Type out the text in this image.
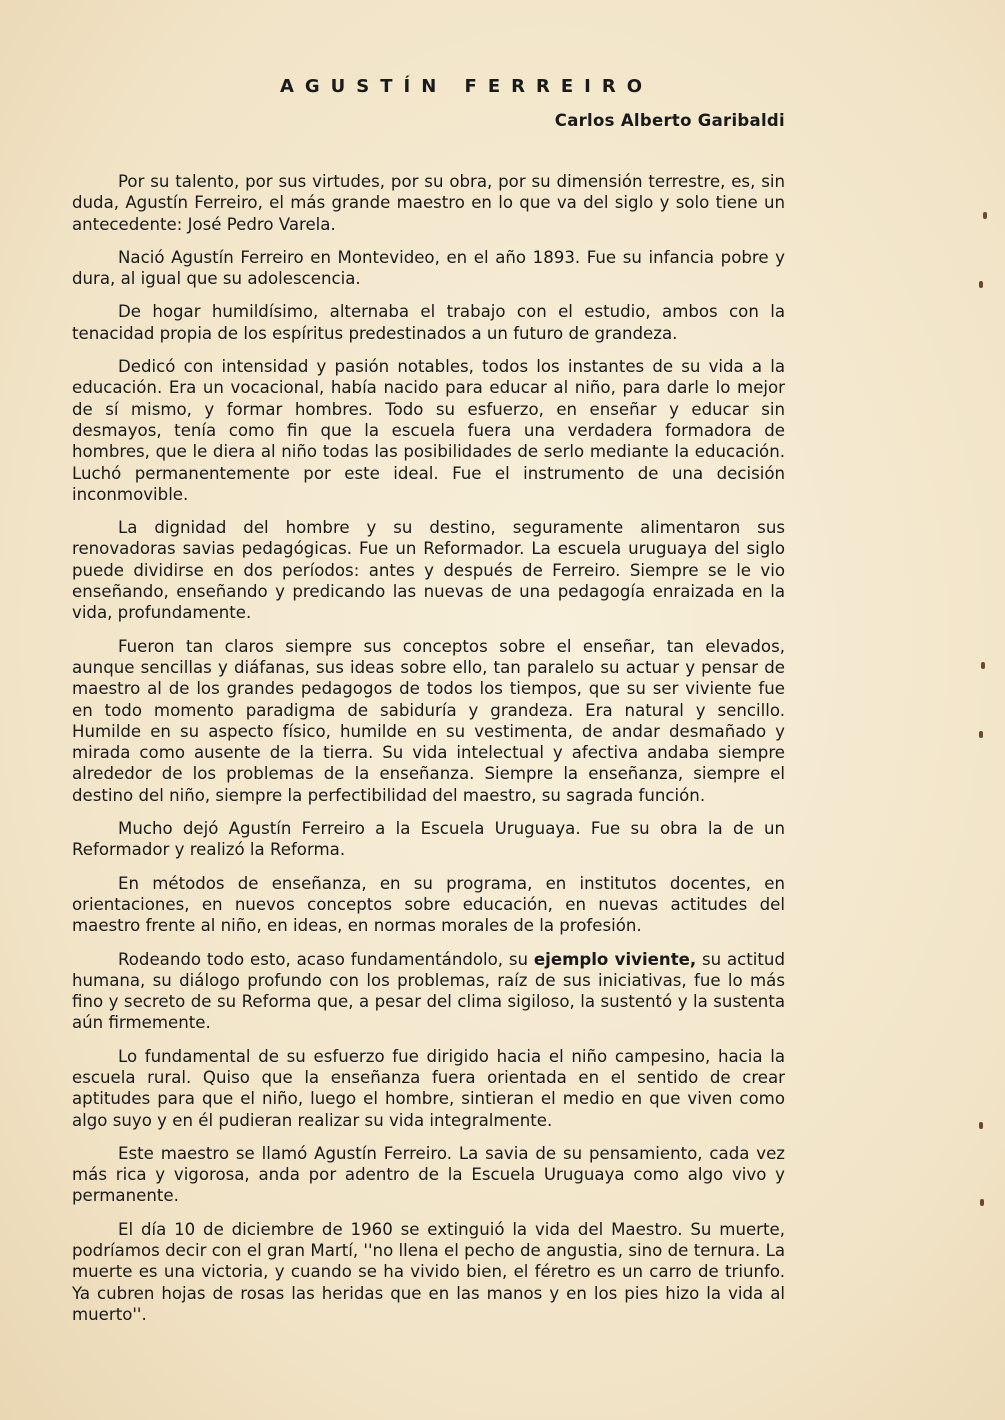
AGUSTÍN FERREIRO
Carlos Alberto Garibaldi

Por su talento, por sus virtudes, por su obra, por su dimensión terrestre, es, sin duda, Agustín Ferreiro, el más grande maestro en lo que va del siglo y solo tiene un antecedente: José Pedro Varela.

Nació Agustín Ferreiro en Montevideo, en el año 1893. Fue su infancia pobre y dura, al igual que su adolescencia.

De hogar humildísimo, alternaba el trabajo con el estudio, ambos con la tenacidad propia de los espíritus predestinados a un futuro de grandeza.

Dedicó con intensidad y pasión notables, todos los instantes de su vida a la educación. Era un vocacional, había nacido para educar al niño, para darle lo mejor de sí mismo, y formar hombres. Todo su esfuerzo, en enseñar y educar sin desmayos, tenía como fin que la escuela fuera una verdadera formadora de hombres, que le diera al niño todas las posibilidades de serlo mediante la educación. Luchó permanentemente por este ideal. Fue el instrumento de una decisión inconmovible.

La dignidad del hombre y su destino, seguramente alimentaron sus renovadoras savias pedagógicas. Fue un Reformador. La escuela uruguaya del siglo puede dividirse en dos períodos: antes y después de Ferreiro. Siempre se le vio enseñando, enseñando y predicando las nuevas de una pedagogía enraizada en la vida, profundamente.

Fueron tan claros siempre sus conceptos sobre el enseñar, tan elevados, aunque sencillas y diáfanas, sus ideas sobre ello, tan paralelo su actuar y pensar de maestro al de los grandes pedagogos de todos los tiempos, que su ser viviente fue en todo momento paradigma de sabiduría y grandeza. Era natural y sencillo. Humilde en su aspecto físico, humilde en su vestimenta, de andar desmañado y mirada como ausente de la tierra. Su vida intelectual y afectiva andaba siempre alrededor de los problemas de la enseñanza. Siempre la enseñanza, siempre el destino del niño, siempre la perfectibilidad del maestro, su sagrada función.

Mucho dejó Agustín Ferreiro a la Escuela Uruguaya. Fue su obra la de un Reformador y realizó la Reforma.

En métodos de enseñanza, en su programa, en institutos docentes, en orientaciones, en nuevos conceptos sobre educación, en nuevas actitudes del maestro frente al niño, en ideas, en normas morales de la profesión.

Rodeando todo esto, acaso fundamentándolo, su ejemplo viviente, su actitud humana, su diálogo profundo con los problemas, raíz de sus iniciativas, fue lo más fino y secreto de su Reforma que, a pesar del clima sigiloso, la sustentó y la sustenta aún firmemente.

Lo fundamental de su esfuerzo fue dirigido hacia el niño campesino, hacia la escuela rural. Quiso que la enseñanza fuera orientada en el sentido de crear aptitudes para que el niño, luego el hombre, sintieran el medio en que viven como algo suyo y en él pudieran realizar su vida integralmente.

Este maestro se llamó Agustín Ferreiro. La savia de su pensamiento, cada vez más rica y vigorosa, anda por adentro de la Escuela Uruguaya como algo vivo y permanente.

El día 10 de diciembre de 1960 se extinguió la vida del Maestro. Su muerte, podríamos decir con el gran Martí, ''no llena el pecho de angustia, sino de ternura. La muerte es una victoria, y cuando se ha vivido bien, el féretro es un carro de triunfo. Ya cubren hojas de rosas las heridas que en las manos y en los pies hizo la vida al muerto''.
